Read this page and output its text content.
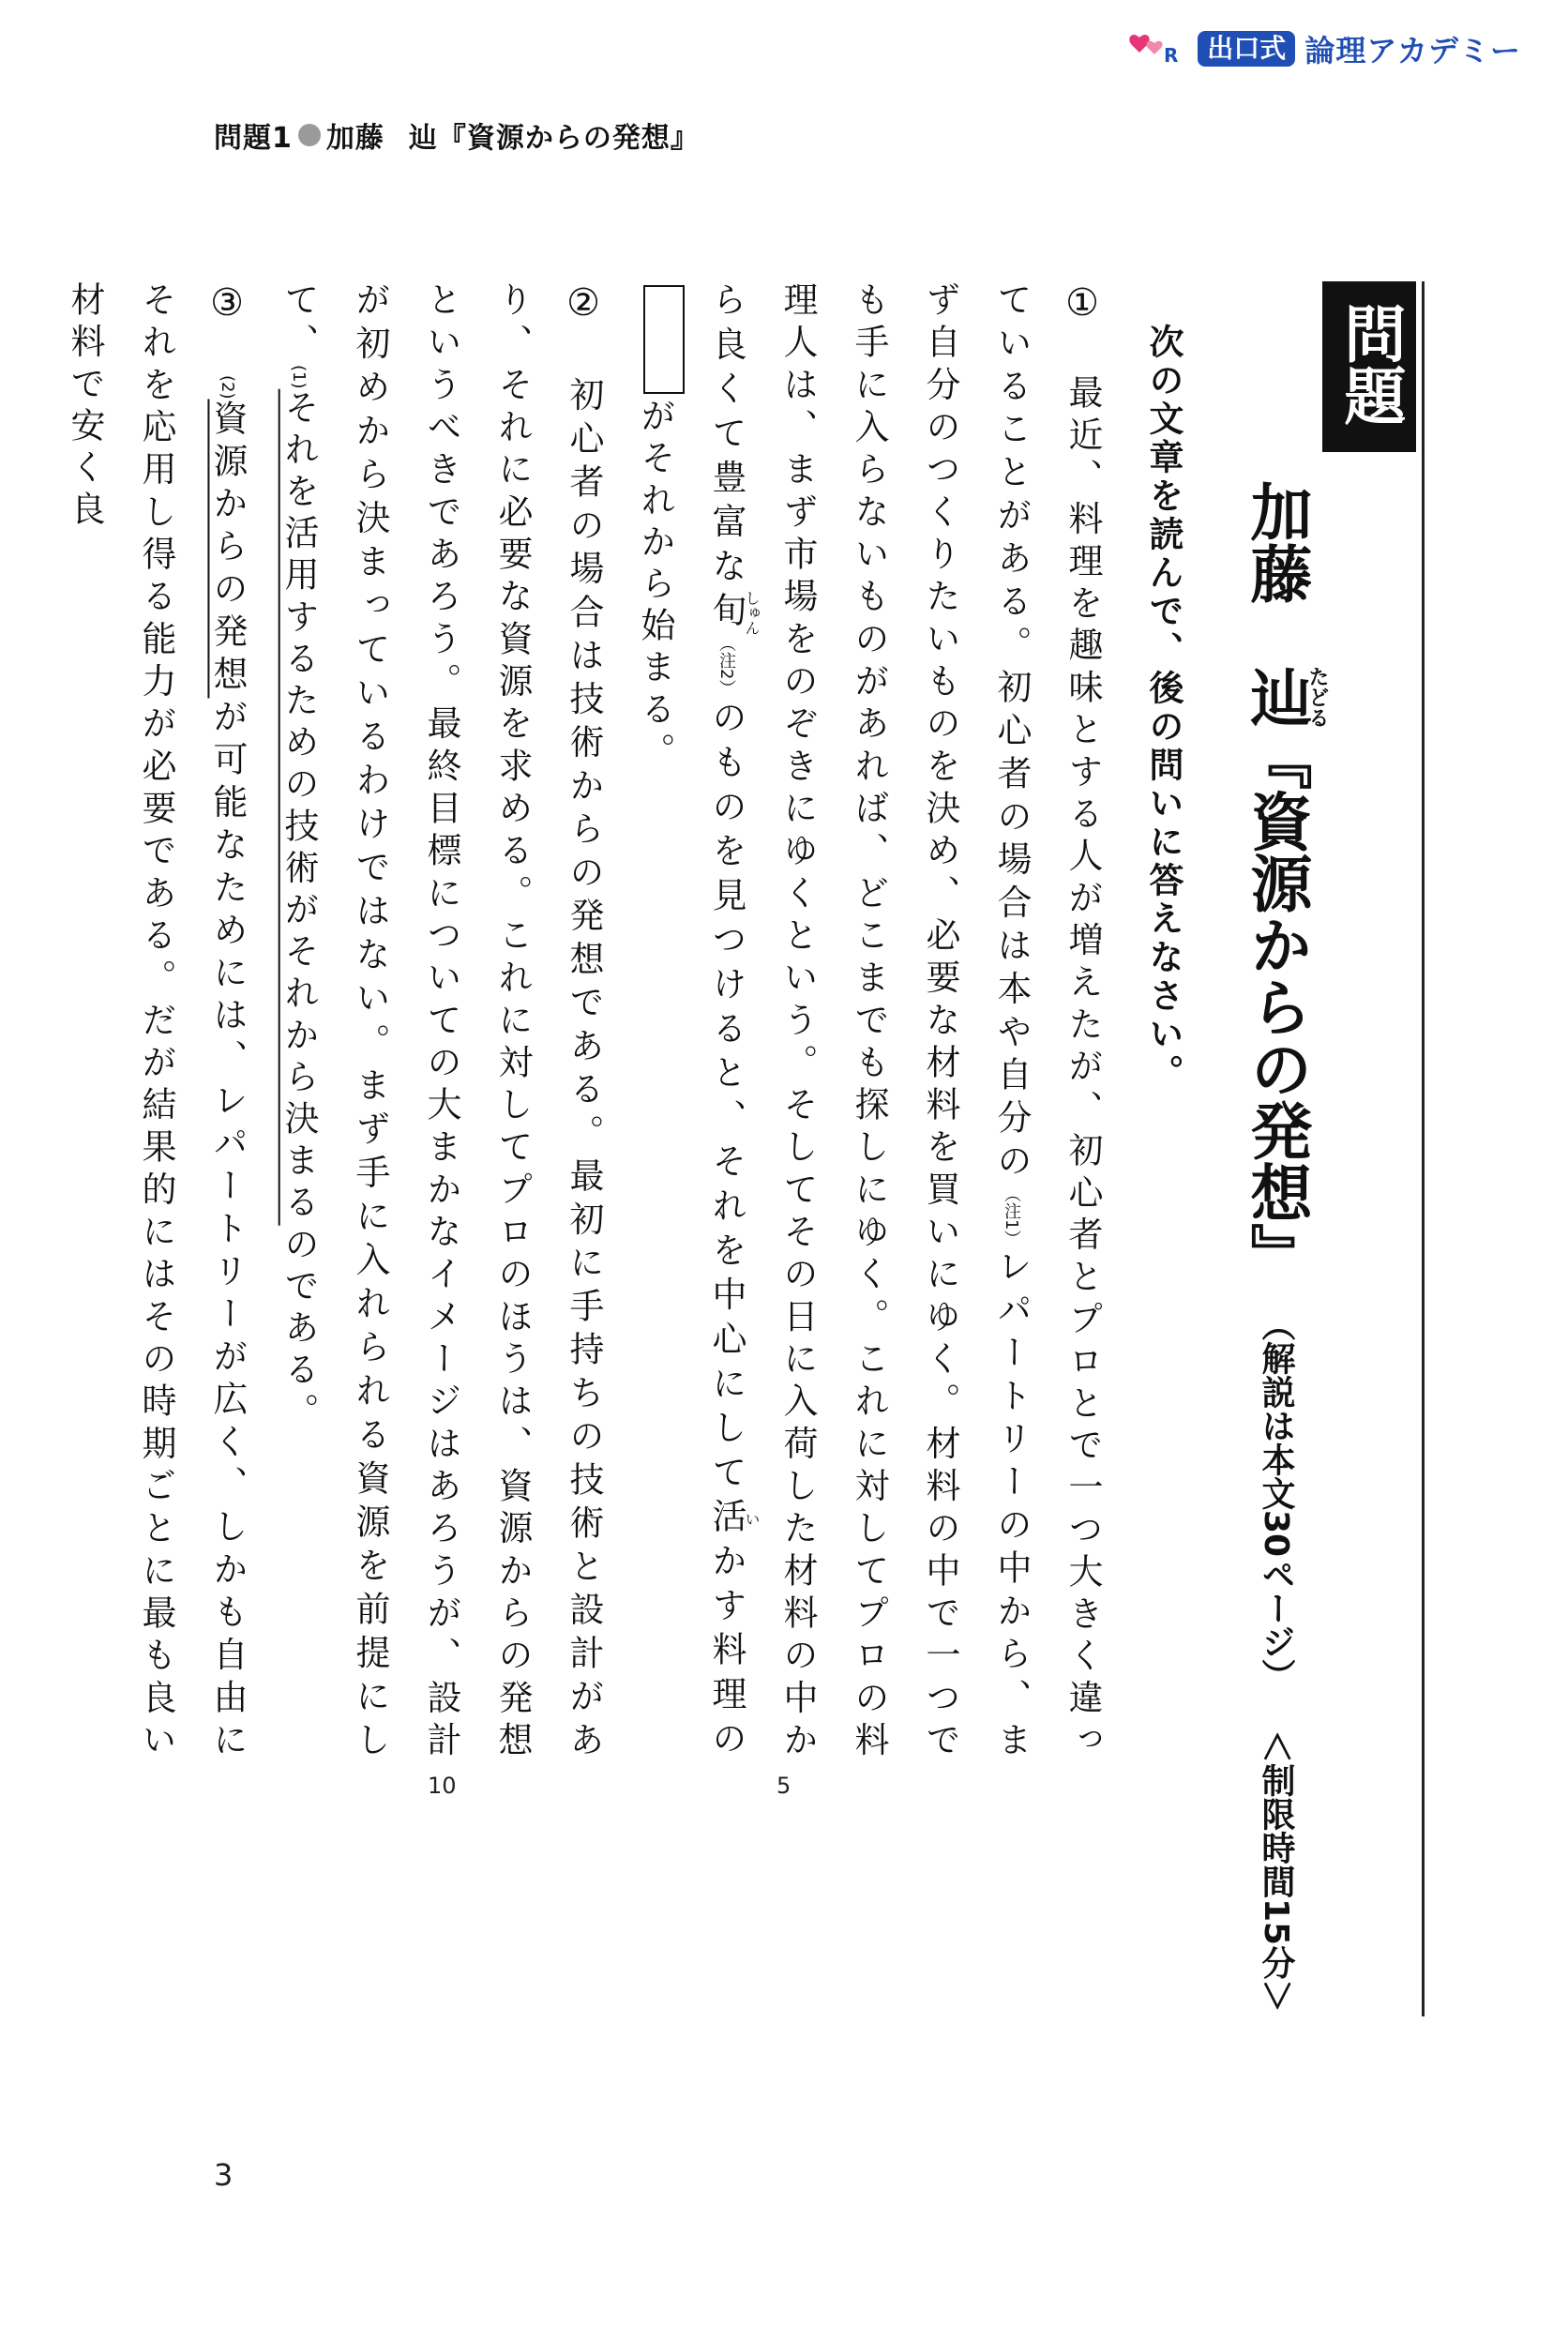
R	出口式 論理アカデミー
問題1 加藤 辿 『資源からの発想』
問題
1加藤　辿たどる『資源からの発想』（解説は本文30ページ）＜制限時間15分＞
次の文章を読んで、後の問いに答えなさい。

①　最近、料理を趣味とする人が増えたが、初心者とプロとで一つ大きく違っていることがある。初心者の場合は本や自分の（注1）レパートリーの中から、まず自分のつくりたいものを決め、必要な材料を買いにゆく。材料の中で一つでも手に入らないものがあれば、どこまでも探しにゆく。これに対してプロの料理人は、まず市場をのぞきにゆくという。そしてその日に入荷した材料の中から良くて豊富な旬しゅん（注2）のものを見つけると、それを中心にして活いかす料理のがそれから始まる。

②　初心者の場合は技術からの発想である。最初に手持ちの技術と設計があり、それに必要な資源を求める。これに対してプロのほうは、資源からの発想というべきであろう。最終目標についての大まかなイメージはあろうが、設計が初めから決まっているわけではない。まず手に入れられる資源を前提にして、(1)それを活用するための技術がそれから決まるのである。

③　(2)資源からの発想が可能なためには、レパートリーが広く、しかも自由にそれを応用し得る能力が必要である。だが結果的にはその時期ごとに最も良い材料で安く良

5
10
3
